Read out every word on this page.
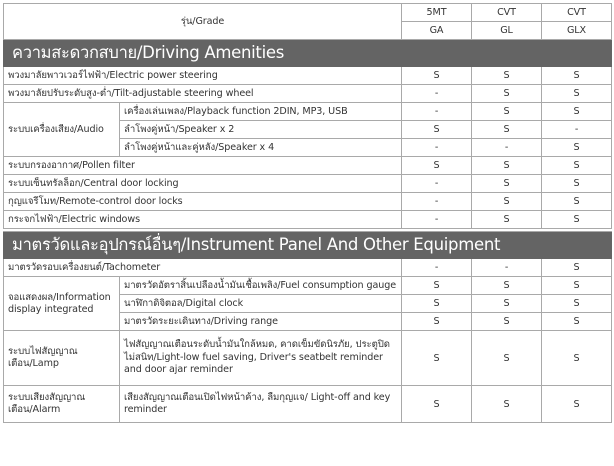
รุ่น/Grade		5MT	CVT	CVT
		GA	GL	GLX
ความสะดวกสบาย/Driving Amenities				
พวงมาลัยพาวเวอร์ไฟฟ้า/Electric power steering		S	S	S
พวงมาลัยปรับระดับสูง-ต่ำ/Tilt-adjustable steering wheel		-	S	S
ระบบเครื่องเสียง/Audio	เครื่องเล่นเพลง/Playback function 2DIN, MP3, USB	-	S	S
	ลำโพงคู่หน้า/Speaker x 2	S	S	-
	ลำโพงคู่หน้าและคู่หลัง/Speaker x 4	-	-	S
ระบบกรองอากาศ/Pollen filter		S	S	S
ระบบเซ็นทรัลล็อก/Central door locking		-	S	S
กุญแจรีโมท/Remote-control door locks		-	S	S
กระจกไฟฟ้า/Electric windows		-	S	S

มาตรวัดและอุปกรณ์อื่นๆ/Instrument Panel And Other Equipment				
มาตรวัดรอบเครื่องยนต์/Tachometer		-	-	S
จอแสดงผล/Information display integrated	มาตรวัดอัตราสิ้นเปลืองน้ำมันเชื้อเพลิง/Fuel consumption gauge	S	S	S
	นาฬิกาดิจิตอล/Digital clock	S	S	S
	มาตรวัดระยะเดินทาง/Driving range	S	S	S
ระบบไฟสัญญาณเตือน/Lamp	ไฟสัญญาณเตือนระดับน้ำมันใกล้หมด, คาดเข็มขัดนิรภัย, ประตูปิดไม่สนิท/Light-low fuel saving, Driver's seatbelt reminder and door ajar reminder	S	S	S
ระบบเสียงสัญญาณเตือน/Alarm	เสียงสัญญาณเตือนเปิดไฟหน้าค้าง, ลืมกุญแจ/ Light-off and key reminder	S	S	S
